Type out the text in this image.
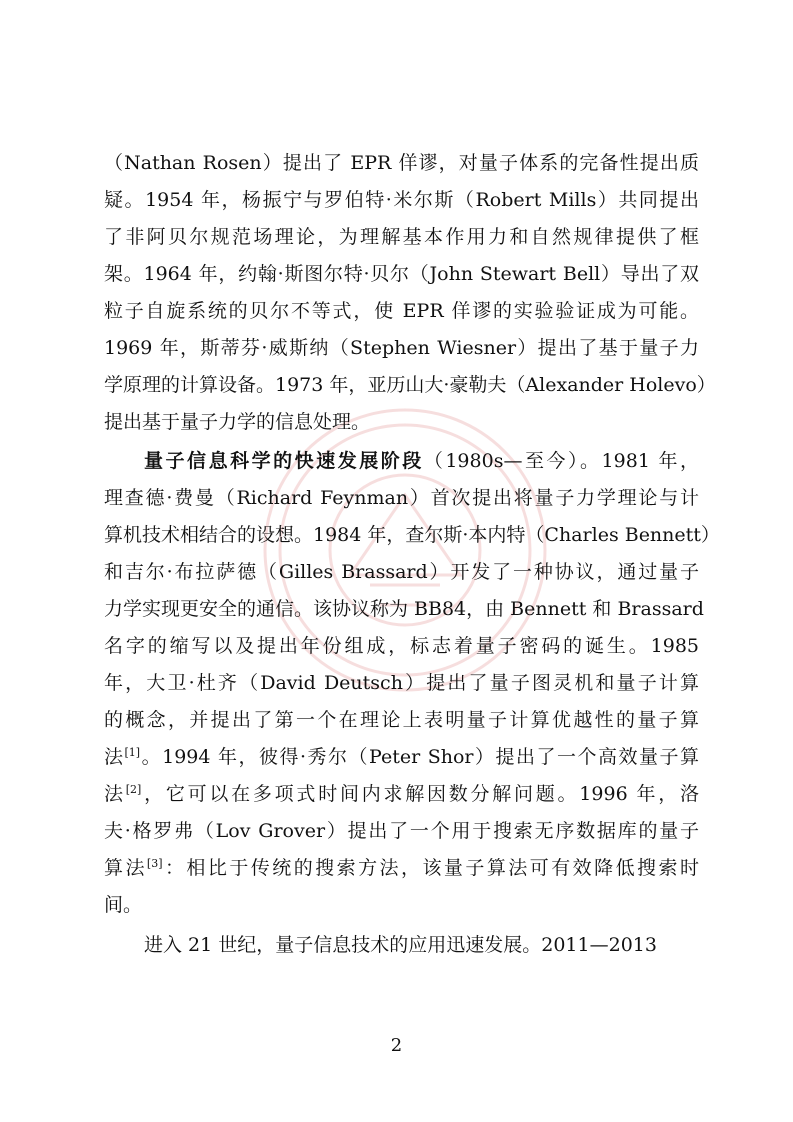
（Nathan Rosen）提出了 EPR 佯谬，对量子体系的完备性提出质
疑。1954 年，杨振宁与罗伯特·米尔斯（Robert Mills）共同提出
了非阿贝尔规范场理论，为理解基本作用力和自然规律提供了框
架。1964 年，约翰·斯图尔特·贝尔（John Stewart Bell）导出了双
粒子自旋系统的贝尔不等式，使 EPR 佯谬的实验验证成为可能。
1969 年，斯蒂芬·威斯纳（Stephen Wiesner）提出了基于量子力
学原理的计算设备。1973 年，亚历山大·豪勒夫（Alexander Holevo）
提出基于量子力学的信息处理。
量子信息科学的快速发展阶段（1980s—至今）。1981 年，
理查德·费曼（Richard Feynman）首次提出将量子力学理论与计
算机技术相结合的设想。1984 年，查尔斯·本内特（Charles Bennett）
和吉尔·布拉萨德（Gilles Brassard）开发了一种协议，通过量子
力学实现更安全的通信。该协议称为 BB84，由 Bennett 和 Brassard
名字的缩写以及提出年份组成，标志着量子密码的诞生。1985
年，大卫·杜齐（David Deutsch）提出了量子图灵机和量子计算
的概念，并提出了第一个在理论上表明量子计算优越性的量子算
法[1]。1994 年，彼得·秀尔（Peter Shor）提出了一个高效量子算
法[2]，它可以在多项式时间内求解因数分解问题。1996 年，洛
夫·格罗弗（Lov Grover）提出了一个用于搜索无序数据库的量子
算法[3]：相比于传统的搜索方法，该量子算法可有效降低搜索时
间。
进入 21 世纪，量子信息技术的应用迅速发展。2011—2013
2
